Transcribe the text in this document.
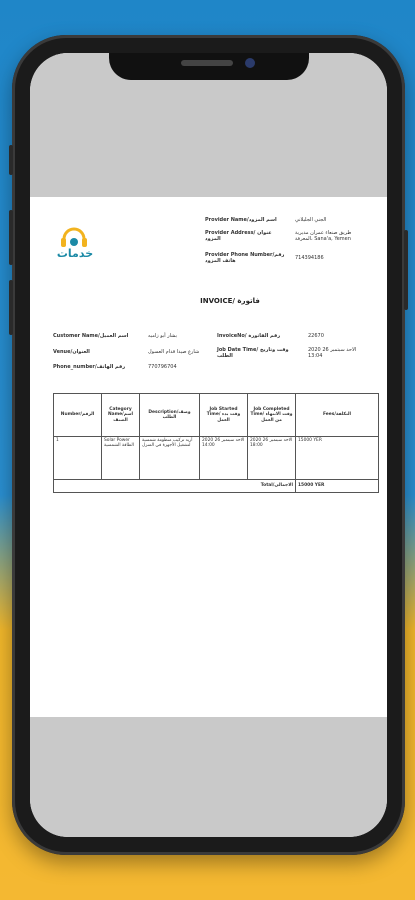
خدمات
Provider Name/اسم المزود	الجني الجليلاني
Provider Address/ عنوان المزود
طريق صنعاء عمران مديرية المعرفة، Sana'a, Yemen
Provider Phone Number/رقم هاتف المزود	714394186
INVOICE/ فاتورة
Customer Name/اسم العميل	بشار أبو زاميه	InvoiceNo/ رقم الفاتورة	22670
Venue/العنوان	شارع صيدا قدام العسول	Job Date Time/ وقت وتاريخ الطلب
2020 الاحد سبتمبر 26 13:04
Phone_number/رقم الهاتف	770796704
Number/الرقم	Category Name/اسم الصنف	Description/وصف الطلب	Job Started Time/ وقت بدء العمل	Job Completed Time/ وقت الانتهاء من العمل	Fees/التكلفة
1	Solar Power الطاقة الشمسية	أريد تركيب منظومة شمسية لتشغيل الأجهزة في المنزل	الاحد سبتمبر 26 2020 14:00	الاحد سبتمبر 26 2020 18:00	15000 YER
Total/الاجمالي					15000 YER
